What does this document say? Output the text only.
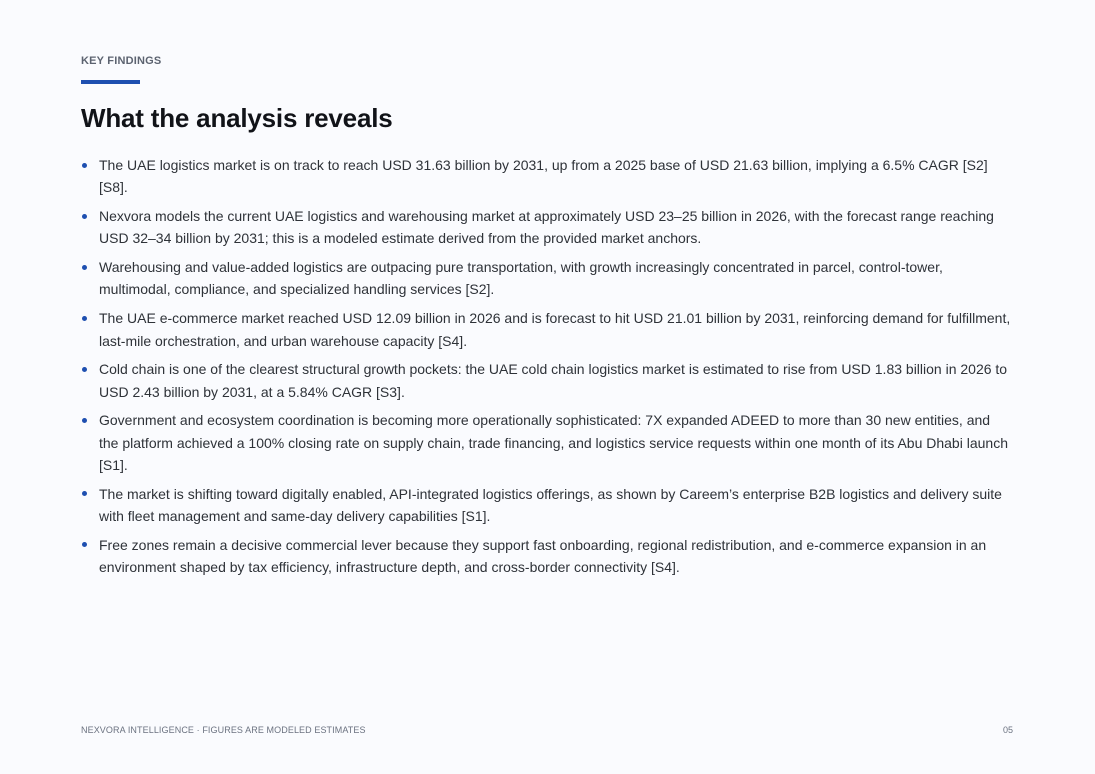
KEY FINDINGS
What the analysis reveals
The UAE logistics market is on track to reach USD 31.63 billion by 2031, up from a 2025 base of USD 21.63 billion, implying a 6.5% CAGR [S2][S8].
Nexvora models the current UAE logistics and warehousing market at approximately USD 23–25 billion in 2026, with the forecast range reaching USD 32–34 billion by 2031; this is a modeled estimate derived from the provided market anchors.
Warehousing and value-added logistics are outpacing pure transportation, with growth increasingly concentrated in parcel, control-tower, multimodal, compliance, and specialized handling services [S2].
The UAE e-commerce market reached USD 12.09 billion in 2026 and is forecast to hit USD 21.01 billion by 2031, reinforcing demand for fulfillment, last-mile orchestration, and urban warehouse capacity [S4].
Cold chain is one of the clearest structural growth pockets: the UAE cold chain logistics market is estimated to rise from USD 1.83 billion in 2026 to USD 2.43 billion by 2031, at a 5.84% CAGR [S3].
Government and ecosystem coordination is becoming more operationally sophisticated: 7X expanded ADEED to more than 30 new entities, and the platform achieved a 100% closing rate on supply chain, trade financing, and logistics service requests within one month of its Abu Dhabi launch [S1].
The market is shifting toward digitally enabled, API-integrated logistics offerings, as shown by Careem’s enterprise B2B logistics and delivery suite with fleet management and same-day delivery capabilities [S1].
Free zones remain a decisive commercial lever because they support fast onboarding, regional redistribution, and e-commerce expansion in an environment shaped by tax efficiency, infrastructure depth, and cross-border connectivity [S4].
NEXVORA INTELLIGENCE · FIGURES ARE MODELED ESTIMATES	05
